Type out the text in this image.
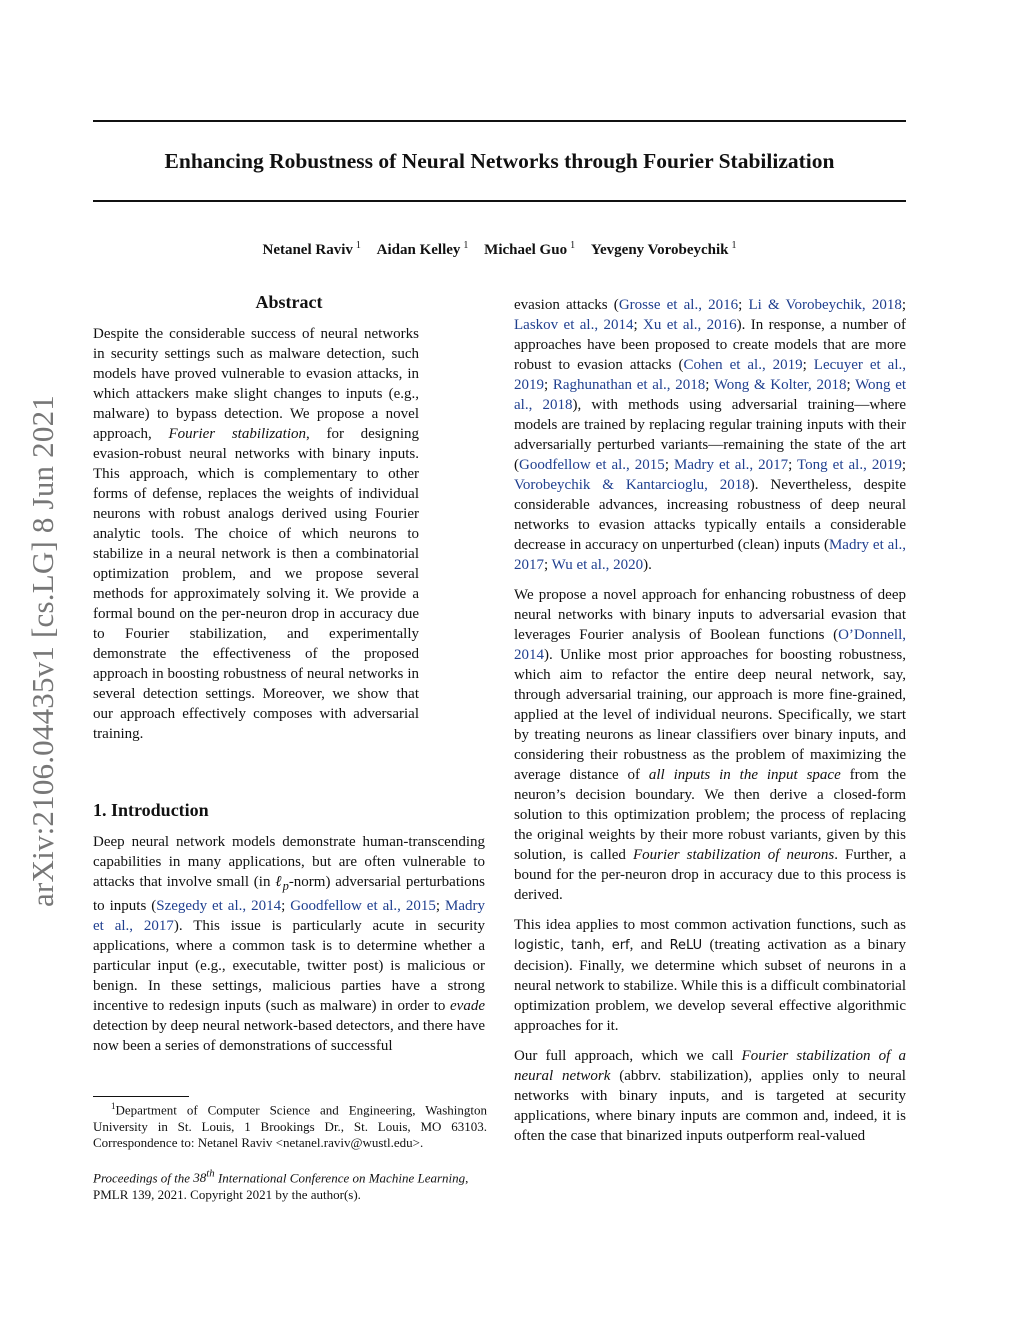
Enhancing Robustness of Neural Networks through Fourier Stabilization
Netanel Raviv $^1$ Aidan Kelley $^1$ Michael Guo $^1$ Yevgeny Vorobeychik $^1$
arXiv:2106.04435v1 [cs.LG] 8 Jun 2021
Abstract

Despite the considerable success of neural networks in security settings such as malware detection, such models have proved vulnerable to evasion attacks, in which attackers make slight changes to inputs (e.g., malware) to bypass detection. We propose a novel approach, Fourier stabilization, for designing evasion-robust neural networks with binary inputs. This approach, which is complementary to other forms of defense, replaces the weights of individual neurons with robust analogs derived using Fourier analytic tools. The choice of which neurons to stabilize in a neural network is then a combinatorial optimization problem, and we propose several methods for approximately solving it. We provide a formal bound on the per-neuron drop in accuracy due to Fourier stabilization, and experimentally demonstrate the effectiveness of the proposed approach in boosting robustness of neural networks in several detection settings. Moreover, we show that our approach effectively composes with adversarial training.

1. Introduction

Deep neural network models demonstrate human-transcending capabilities in many applications, but are often vulnerable to attacks that involve small (in ℓ$_p$-norm) adversarial perturbations to inputs (Szegedy et al., 2014; Goodfellow et al., 2015; Madry et al., 2017). This issue is particularly acute in security applications, where a common task is to determine whether a particular input (e.g., executable, twitter post) is malicious or benign. In these settings, malicious parties have a strong incentive to redesign inputs (such as malware) in order to evade detection by deep neural network-based detectors, and there have now been a series of demonstrations of successful

$^1$Department of Computer Science and Engineering, Washington University in St. Louis, 1 Brookings Dr., St. Louis, MO 63103. Correspondence to: Netanel Raviv <netanel.raviv@wustl.edu>.

Proceedings of the 38th International Conference on Machine Learning, PMLR 139, 2021. Copyright 2021 by the author(s).

evasion attacks (Grosse et al., 2016; Li & Vorobeychik, 2018; Laskov et al., 2014; Xu et al., 2016). In response, a number of approaches have been proposed to create models that are more robust to evasion attacks (Cohen et al., 2019; Lecuyer et al., 2019; Raghunathan et al., 2018; Wong & Kolter, 2018; Wong et al., 2018), with methods using adversarial training—where models are trained by replacing regular training inputs with their adversarially perturbed variants—remaining the state of the art (Goodfellow et al., 2015; Madry et al., 2017; Tong et al., 2019; Vorobeychik & Kantarcioglu, 2018). Nevertheless, despite considerable advances, increasing robustness of deep neural networks to evasion attacks typically entails a considerable decrease in accuracy on unperturbed (clean) inputs (Madry et al., 2017; Wu et al., 2020).

We propose a novel approach for enhancing robustness of deep neural networks with binary inputs to adversarial evasion that leverages Fourier analysis of Boolean functions (O’Donnell, 2014). Unlike most prior approaches for boosting robustness, which aim to refactor the entire deep neural network, say, through adversarial training, our approach is more fine-grained, applied at the level of individual neurons. Specifically, we start by treating neurons as linear classifiers over binary inputs, and considering their robustness as the problem of maximizing the average distance of all inputs in the input space from the neuron’s decision boundary. We then derive a closed-form solution to this optimization problem; the process of replacing the original weights by their more robust variants, given by this solution, is called Fourier stabilization of neurons. Further, a bound for the per-neuron drop in accuracy due to this process is derived.

This idea applies to most common activation functions, such as logistic, tanh, erf, and ReLU (treating activation as a binary decision). Finally, we determine which subset of neurons in a neural network to stabilize. While this is a difficult combinatorial optimization problem, we develop several effective algorithmic approaches for it.

Our full approach, which we call Fourier stabilization of a neural network (abbrv. stabilization), applies only to neural networks with binary inputs, and is targeted at security applications, where binary inputs are common and, indeed, it is often the case that binarized inputs outperform real-valued
